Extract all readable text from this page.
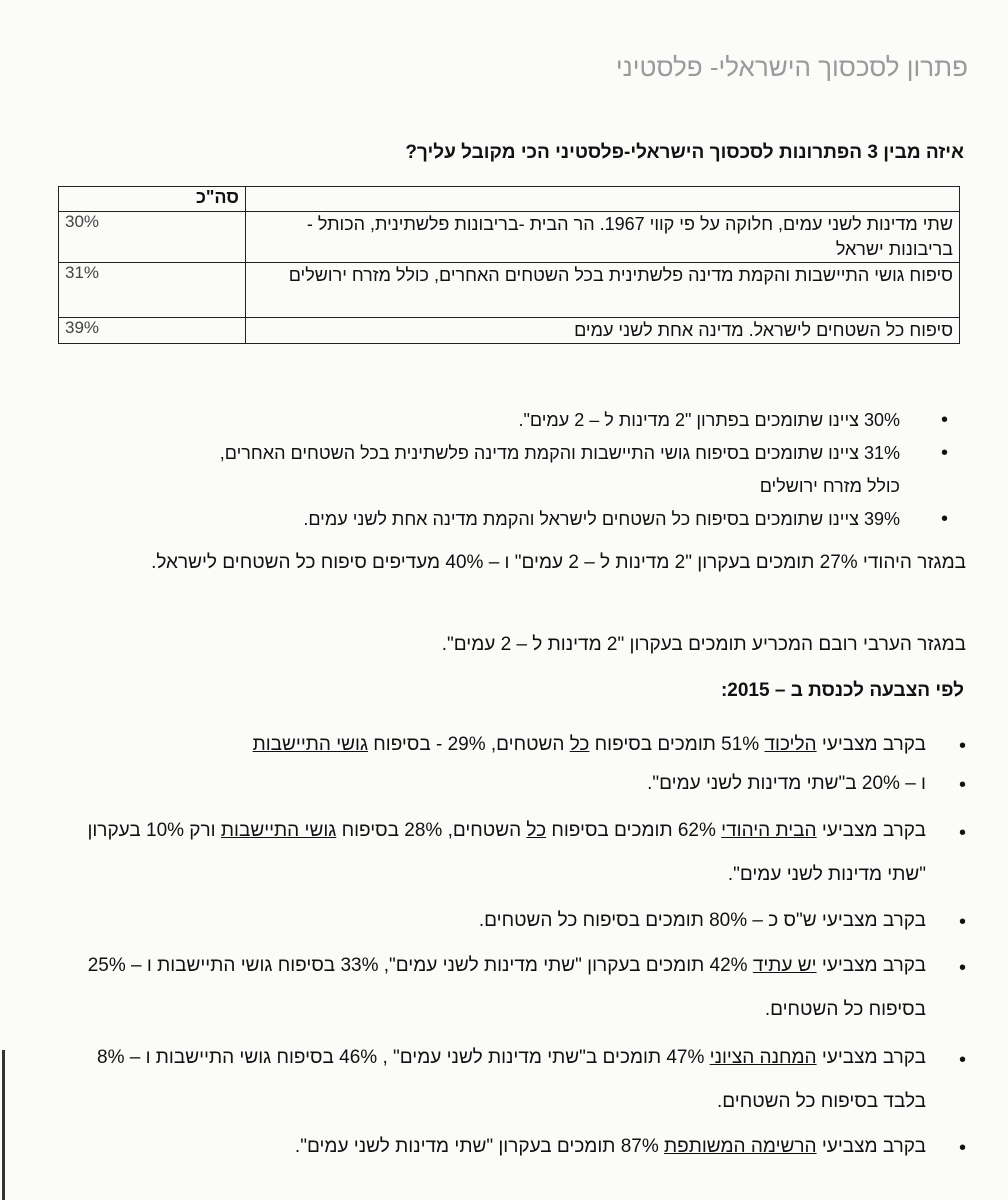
פתרון לסכסוך הישראלי- פלסטיני
איזה מבין 3 הפתרונות לסכסוך הישראלי-פלסטיני הכי מקובל עליך?
	סה"כ
שתי מדינות לשני עמים, חלוקה על פי קווי 1967. הר הבית -בריבונות פלשתינית, הכותל - בריבונות ישראל	30%
סיפוח גושי התיישבות והקמת מדינה פלשתינית בכל השטחים האחרים, כולל מזרח ירושלים	31%
סיפוח כל השטחים לישראל. מדינה אחת לשני עמים	39%
• 30% ציינו שתומכים בפתרון "2 מדינות ל – 2 עמים".
• 31% ציינו שתומכים בסיפוח גושי התיישבות והקמת מדינה פלשתינית בכל השטחים האחרים, כולל מזרח ירושלים
• 39% ציינו שתומכים בסיפוח כל השטחים לישראל והקמת מדינה אחת לשני עמים.

במגזר היהודי 27% תומכים בעקרון "2 מדינות ל – 2 עמים" ו – 40% מעדיפים סיפוח כל השטחים לישראל.

במגזר הערבי רובם המכריע תומכים בעקרון "2 מדינות ל – 2 עמים".

לפי הצבעה לכנסת ב – 2015:
• בקרב מצביעי הליכוד 51% תומכים בסיפוח כל השטחים, 29% - בסיפוח גושי התיישבות
• ו – 20% ב"שתי מדינות לשני עמים".
• בקרב מצביעי הבית היהודי 62% תומכים בסיפוח כל השטחים, 28% בסיפוח גושי התיישבות ורק 10% בעקרון "שתי מדינות לשני עמים".
• בקרב מצביעי ש"ס כ – 80% תומכים בסיפוח כל השטחים.
• בקרב מצביעי יש עתיד 42% תומכים בעקרון "שתי מדינות לשני עמים", 33% בסיפוח גושי התיישבות ו – 25% בסיפוח כל השטחים.
• בקרב מצביעי המחנה הציוני 47% תומכים ב"שתי מדינות לשני עמים" , 46% בסיפוח גושי התיישבות ו – 8% בלבד בסיפוח כל השטחים.
• בקרב מצביעי הרשימה המשותפת 87% תומכים בעקרון "שתי מדינות לשני עמים".
